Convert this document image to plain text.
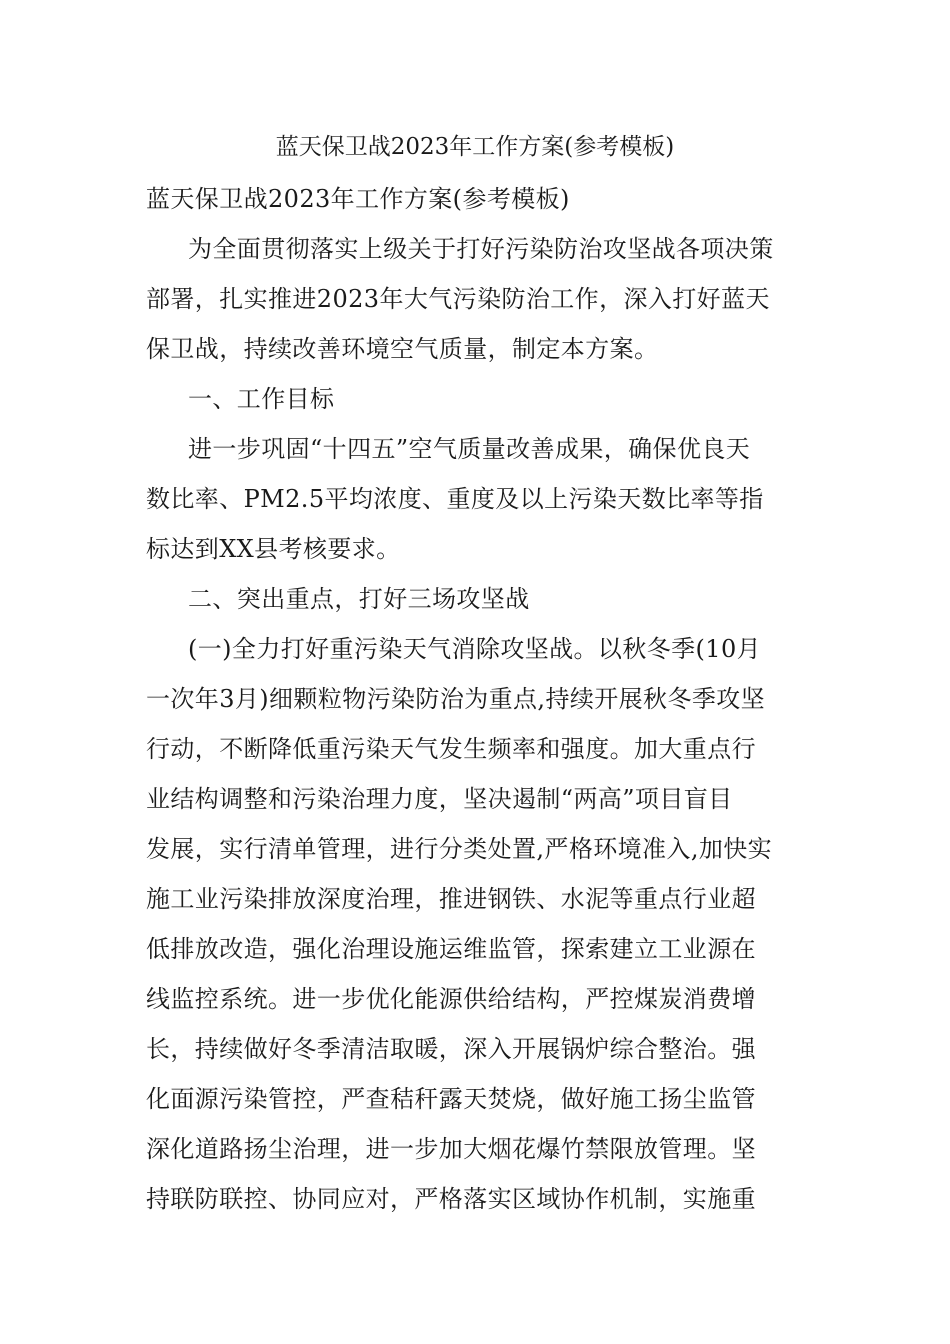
蓝天保卫战2023年工作方案(参考模板)
蓝天保卫战2023年工作方案(参考模板)
为全面贯彻落实上级关于打好污染防治攻坚战各项决策
部署，扎实推进2023年大气污染防治工作，深入打好蓝天
保卫战，持续改善环境空气质量，制定本方案。
一、工作目标
进一步巩固“十四五”空气质量改善成果，确保优良天
数比率、PM2.5平均浓度、重度及以上污染天数比率等指
标达到XX县考核要求。
二、突出重点，打好三场攻坚战
(一)全力打好重污染天气消除攻坚战。以秋冬季(10月
一次年3月)细颗粒物污染防治为重点,持续开展秋冬季攻坚
行动，不断降低重污染天气发生频率和强度。加大重点行
业结构调整和污染治理力度，坚决遏制“两高”项目盲目
发展，实行清单管理，进行分类处置,严格环境准入,加快实
施工业污染排放深度治理，推进钢铁、水泥等重点行业超
低排放改造，强化治理设施运维监管，探索建立工业源在
线监控系统。进一步优化能源供给结构，严控煤炭消费增
长，持续做好冬季清洁取暖，深入开展锅炉综合整治。强
化面源污染管控，严查秸秆露天焚烧，做好施工扬尘监管
深化道路扬尘治理，进一步加大烟花爆竹禁限放管理。坚
持联防联控、协同应对，严格落实区域协作机制，实施重
